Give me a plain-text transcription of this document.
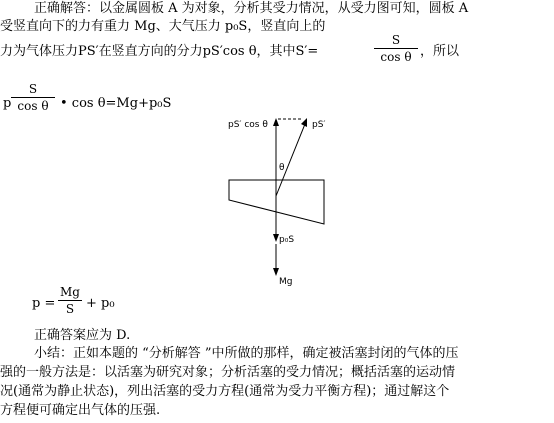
正确解答：以金属圆板 A 为对象，分析其受力情况，从受力图可知，圆板 A
受竖直向下的力有重力 Mg、大气压力 p₀S，竖直向上的
力为气体压力PS′在竖直方向的分力pS′cos θ，其中S′=
S
cos θ ，所以
p
S
cos θ • cos θ=Mg+p₀S
pS′ cos θ	pS′
θ
p₀S
Mg
p =
Mg
S + p₀
正确答案应为 D.
小结：正如本题的 “分析解答 ”中所做的那样，确定被活塞封闭的气体的压
强的一般方法是：以活塞为研究对象；分析活塞的受力情况；概括活塞的运动情
况(通常为静止状态)，列出活塞的受力方程(通常为受力平衡方程)；通过解这个
方程便可确定出气体的压强.
